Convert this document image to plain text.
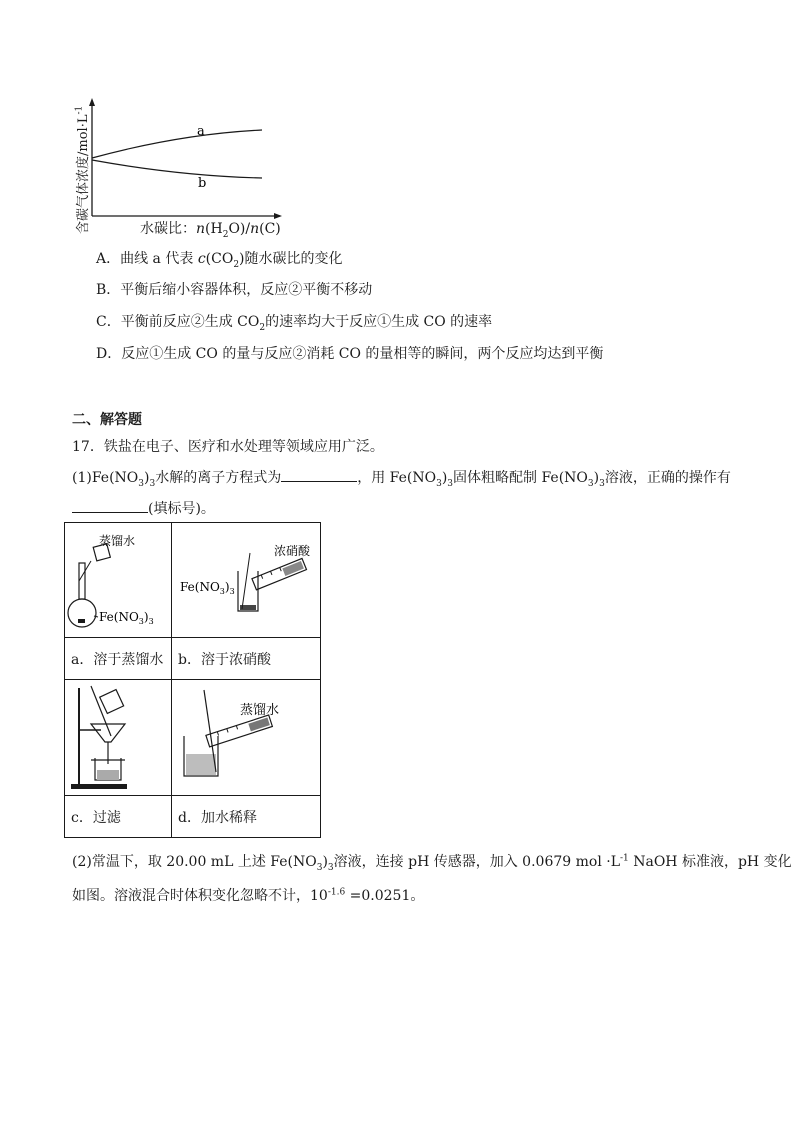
a
b
含碳气体浓度$/mol\cdot L^{-1}$
水碳比：$n(H_2O)/n(C)$
A．曲线 a 代表 $c(CO_2)$随水碳比的变化
B．平衡后缩小容器体积，反应②平衡不移动
C．平衡前反应②生成 $CO_2$的速率均大于反应①生成 CO 的速率
D．反应①生成 CO 的量与反应②消耗 CO 的量相等的瞬间，两个反应均达到平衡
二、解答题
17．铁盐在电子、医疗和水处理等领域应用广泛。
$(1)Fe(NO_3)_3$水解的离子方程式为	，用 $Fe(NO_3)_3$固体粗略配制 $Fe(NO_3)_3$溶液，正确的操作有
(填标号)。
蒸馏水
$Fe(NO_3)_3$	浓硝酸
$Fe(NO_3)_3$

a．溶于蒸馏水	b．溶于浓硝酸

蒸馏水

c．过滤	d．加水稀释
(2)常温下，取 20.00 mL 上述 $Fe(NO_3)_3$溶液，连接 pH 传感器，加入 0.0679 mol $\cdot L^{-1}$ NaOH 标准液，pH 变化
如图。溶液混合时体积变化忽略不计，$10^{-1.6} =0.0251$。
